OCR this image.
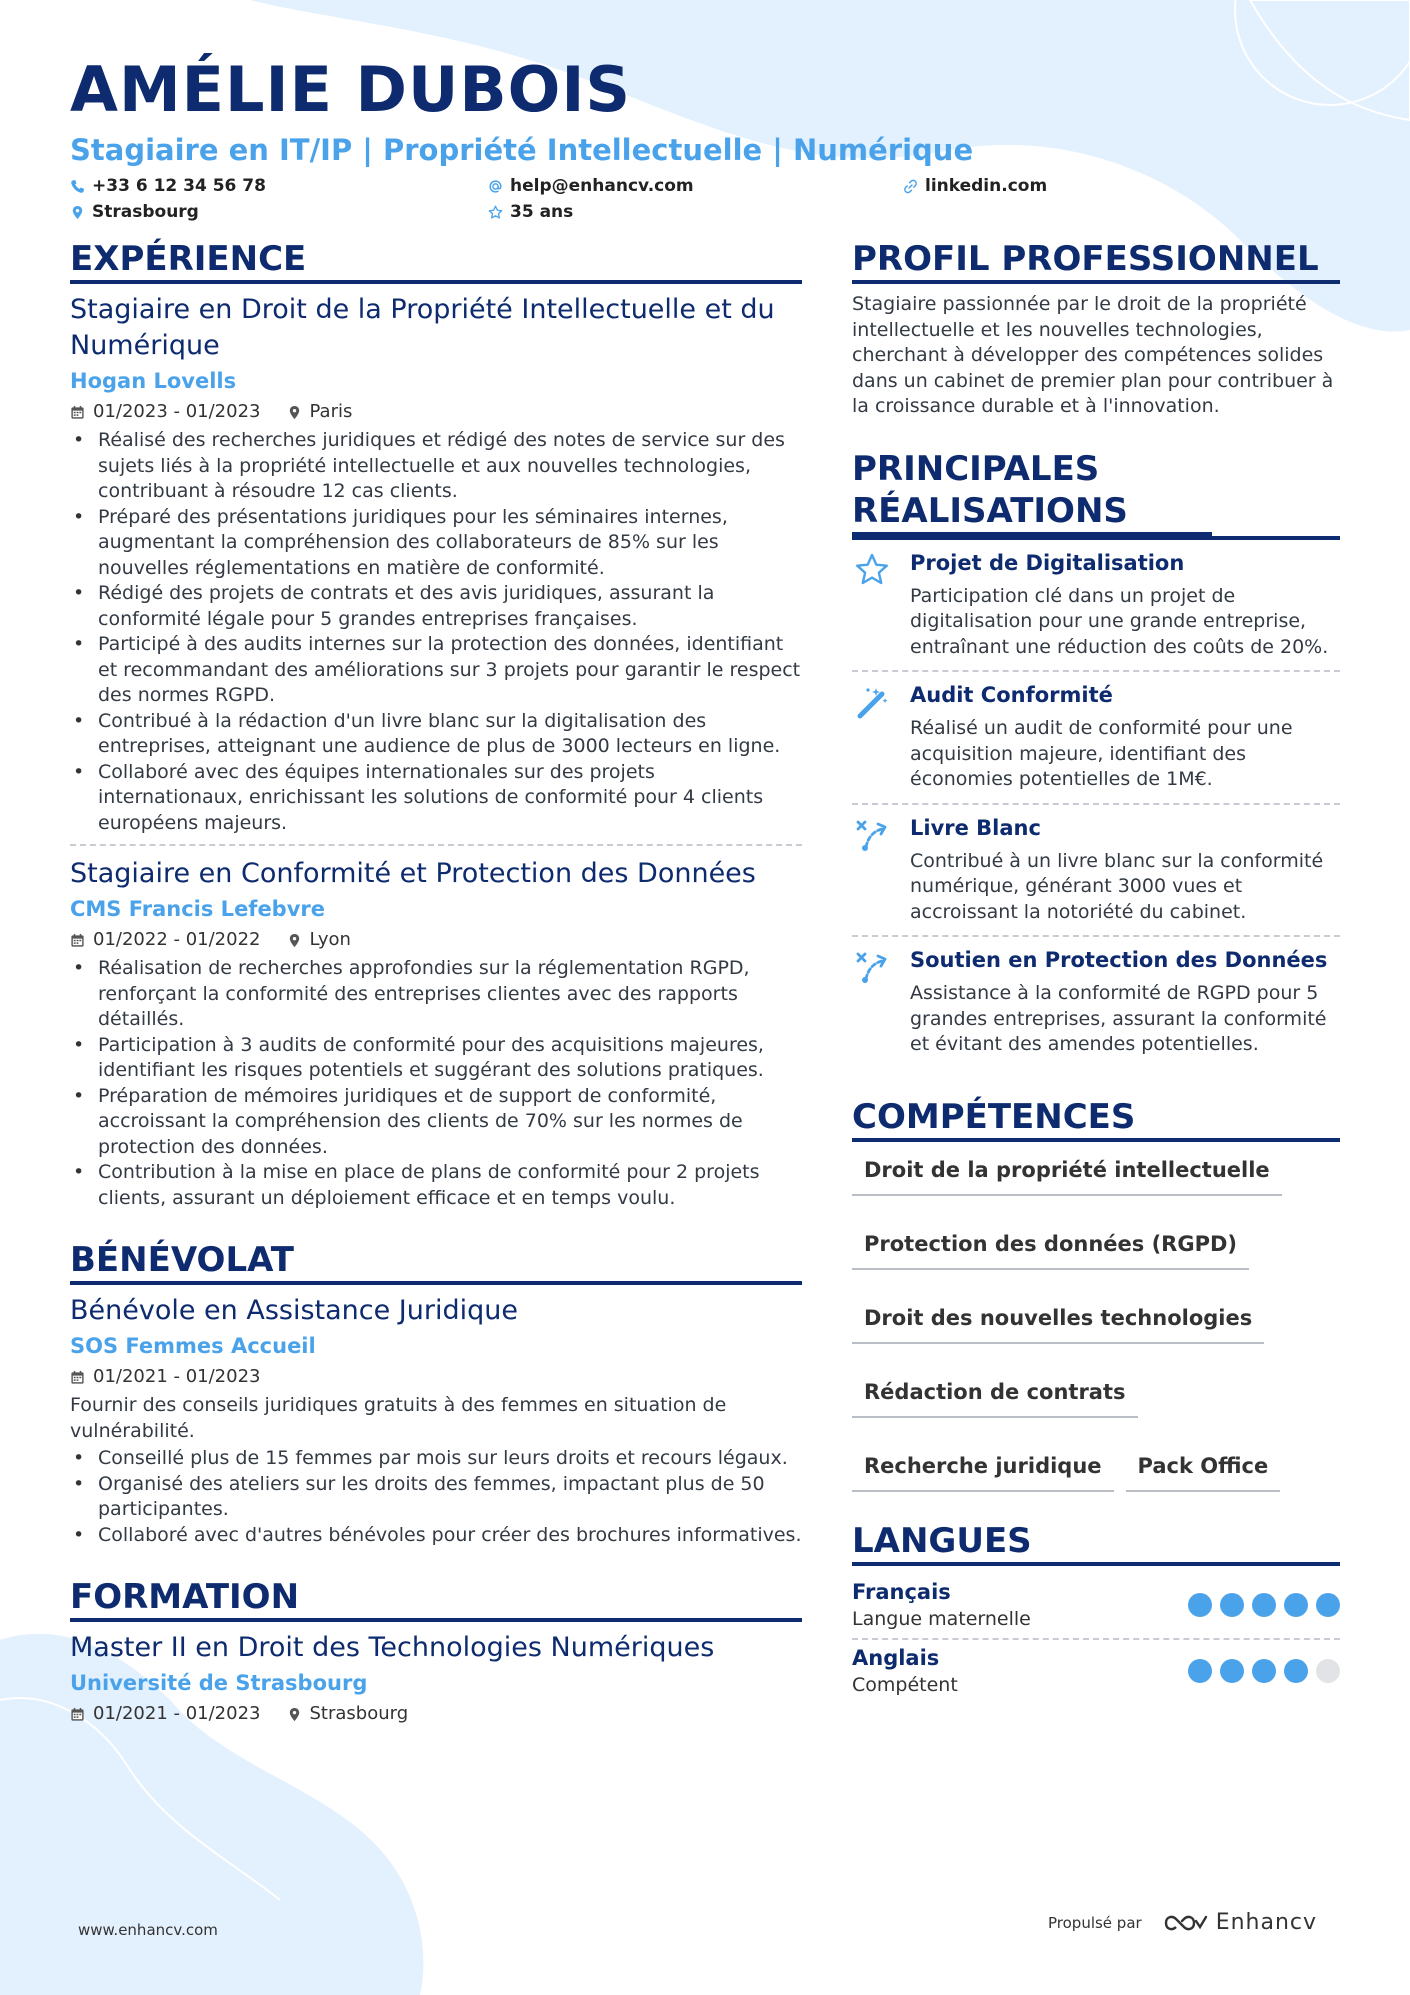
AMÉLIE DUBOIS
Stagiaire en IT/IP | Propriété Intellectuelle | Numérique
+33 6 12 34 56 78	help@enhancv.com	linkedin.com
Strasbourg	35 ans
EXPÉRIENCE
Stagiaire en Droit de la Propriété Intellectuelle et du Numérique
Hogan Lovells
01/2023 - 01/2023	Paris
• Réalisé des recherches juridiques et rédigé des notes de service sur des sujets liés à la propriété intellectuelle et aux nouvelles technologies, contribuant à résoudre 12 cas clients.
• Préparé des présentations juridiques pour les séminaires internes, augmentant la compréhension des collaborateurs de 85% sur les nouvelles réglementations en matière de conformité.
• Rédigé des projets de contrats et des avis juridiques, assurant la conformité légale pour 5 grandes entreprises françaises.
• Participé à des audits internes sur la protection des données, identifiant et recommandant des améliorations sur 3 projets pour garantir le respect des normes RGPD.
• Contribué à la rédaction d'un livre blanc sur la digitalisation des entreprises, atteignant une audience de plus de 3000 lecteurs en ligne.
• Collaboré avec des équipes internationales sur des projets internationaux, enrichissant les solutions de conformité pour 4 clients européens majeurs.
Stagiaire en Conformité et Protection des Données
CMS Francis Lefebvre
01/2022 - 01/2022	Lyon
• Réalisation de recherches approfondies sur la réglementation RGPD, renforçant la conformité des entreprises clientes avec des rapports détaillés.
• Participation à 3 audits de conformité pour des acquisitions majeures, identifiant les risques potentiels et suggérant des solutions pratiques.
• Préparation de mémoires juridiques et de support de conformité, accroissant la compréhension des clients de 70% sur les normes de protection des données.
• Contribution à la mise en place de plans de conformité pour 2 projets clients, assurant un déploiement efficace et en temps voulu.
BÉNÉVOLAT
Bénévole en Assistance Juridique
SOS Femmes Accueil
01/2021 - 01/2023
Fournir des conseils juridiques gratuits à des femmes en situation de vulnérabilité.
• Conseillé plus de 15 femmes par mois sur leurs droits et recours légaux.
• Organisé des ateliers sur les droits des femmes, impactant plus de 50 participantes.
• Collaboré avec d'autres bénévoles pour créer des brochures informatives.
FORMATION
Master II en Droit des Technologies Numériques
Université de Strasbourg
01/2021 - 01/2023	Strasbourg
PROFIL PROFESSIONNEL
Stagiaire passionnée par le droit de la propriété intellectuelle et les nouvelles technologies, cherchant à développer des compétences solides dans un cabinet de premier plan pour contribuer à la croissance durable et à l'innovation.
PRINCIPALES RÉALISATIONS
Projet de Digitalisation
Participation clé dans un projet de digitalisation pour une grande entreprise, entraînant une réduction des coûts de 20%.
Audit Conformité
Réalisé un audit de conformité pour une acquisition majeure, identifiant des économies potentielles de 1M€.
Livre Blanc
Contribué à un livre blanc sur la conformité numérique, générant 3000 vues et accroissant la notoriété du cabinet.
Soutien en Protection des Données
Assistance à la conformité de RGPD pour 5 grandes entreprises, assurant la conformité et évitant des amendes potentielles.
COMPÉTENCES
Droit de la propriété intellectuelle
Protection des données (RGPD)
Droit des nouvelles technologies
Rédaction de contrats
Recherche juridique	Pack Office
LANGUES
Français
Langue maternelle
Anglais
Compétent
www.enhancv.com	Propulsé par	Enhancv
